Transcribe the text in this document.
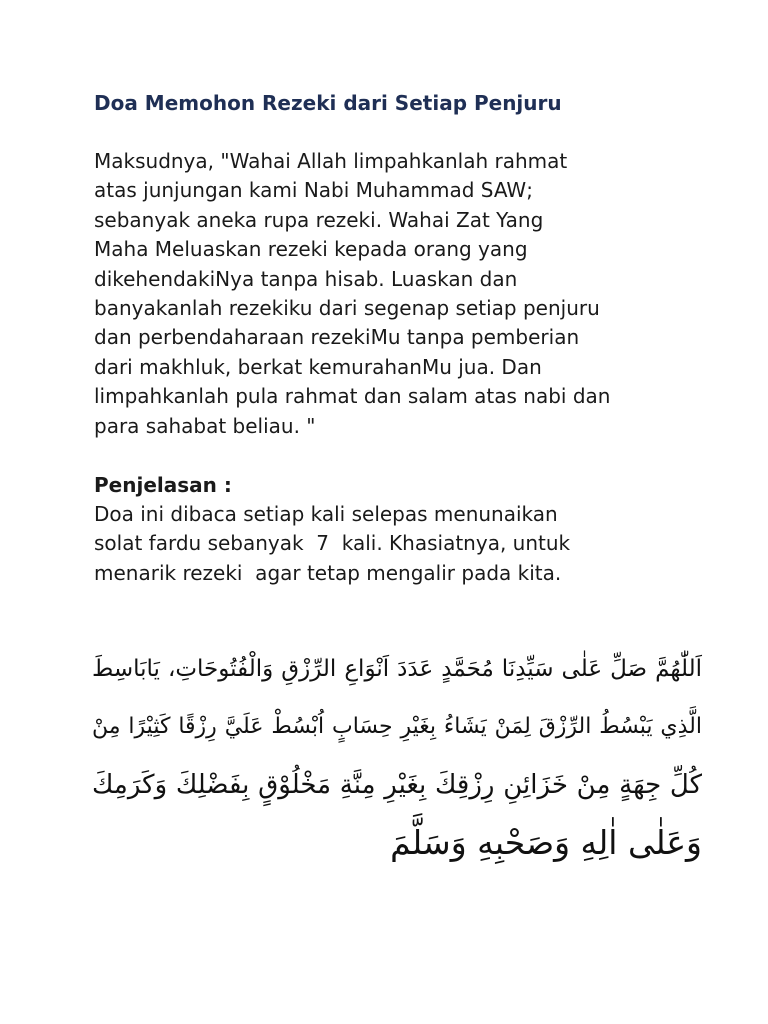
Doa Memohon Rezeki dari Setiap Penjuru
Maksudnya, "Wahai Allah limpahkanlah rahmat
atas junjungan kami Nabi Muhammad SAW;
sebanyak aneka rupa rezeki. Wahai Zat Yang
Maha Meluaskan rezeki kepada orang yang
dikehendakiNya tanpa hisab. Luaskan dan
banyakanlah rezekiku dari segenap setiap penjuru
dan perbendaharaan rezekiMu tanpa pemberian
dari makhluk, berkat kemurahanMu jua. Dan
limpahkanlah pula rahmat dan salam atas nabi dan
para sahabat beliau. "
Penjelasan :
Doa ini dibaca setiap kali selepas menunaikan
solat fardu sebanyak  7  kali. Khasiatnya, untuk
menarik rezeki  agar tetap mengalir pada kita.
اَللّٰهُمَّ صَلِّ عَلٰى سَيِّدِنَا مُحَمَّدٍ عَدَدَ اَنْوَاعِ الرِّزْقِ وَالْفُتُوحَاتِ، يَابَاسِطَ
الَّذِي يَبْسُطُ الرِّزْقَ لِمَنْ يَشَاءُ بِغَيْرِ حِسَابٍ اُبْسُطْ عَلَيَّ رِزْقًا كَثِيْرًا مِنْ
كُلِّ جِهَةٍ مِنْ خَزَائِنِ رِزْقِكَ بِغَيْرِ مِنَّةِ مَخْلُوْقٍ بِفَضْلِكَ وَكَرَمِكَ
وَعَلٰى اٰلِهِ وَصَحْبِهِ وَسَلَّمَ
